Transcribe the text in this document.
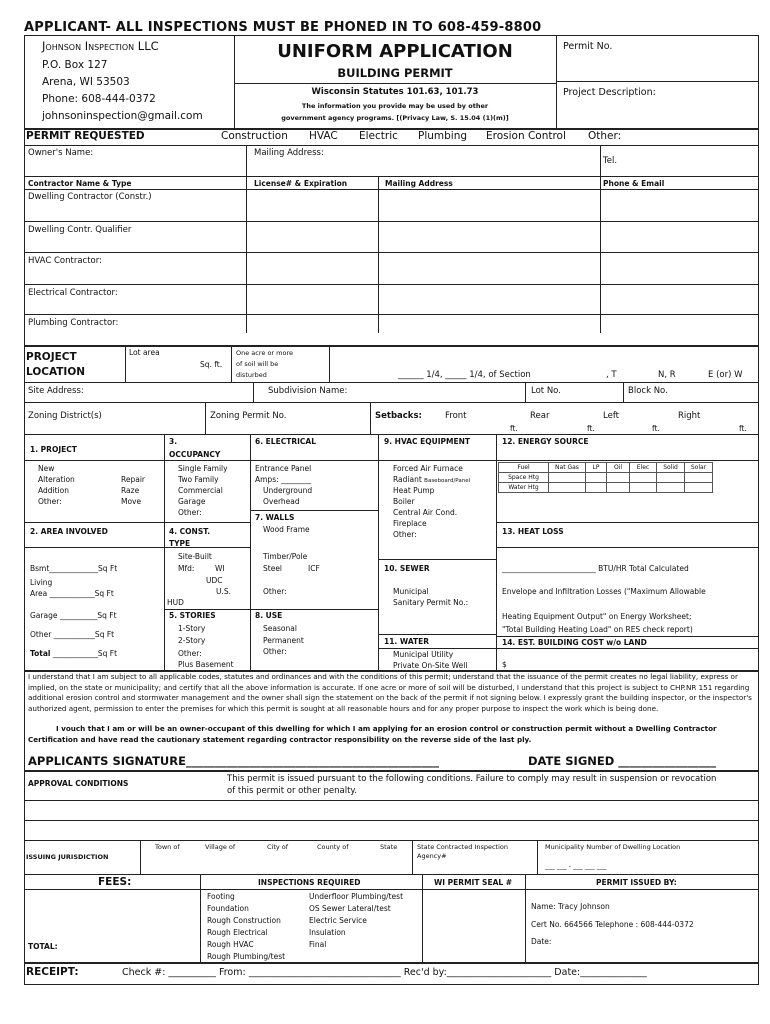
APPLICANT- ALL INSPECTIONS MUST BE PHONED IN TO 608-459-8800
Johnson Inspection LLC
P.O. Box 127
Arena, WI 53503
Phone: 608-444-0372
johnsoninspection@gmail.com
UNIFORM APPLICATION
BUILDING PERMIT
Wisconsin Statutes 101.63, 101.73
The information you provide may be used by other
government agency programs. [(Privacy Law, S. 15.04 (1)(m)]
Permit No.
Project Description:
PERMIT REQUESTED	Construction HVAC Electric Plumbing Erosion Control Other:
Owner's Name:	Mailing Address:
Tel.
Contractor Name & Type	License# & Expiration	Mailing Address	Phone & Email
Dwelling Contractor (Constr.)
Dwelling Contr. Qualifier
HVAC Contractor:
Electrical Contractor:
Plumbing Contractor:
PROJECT
LOCATION
Lot area
Sq. ft.
One acre or more
of soil will be
disturbed	______ 1/4, _____ 1/4, of Section	, T	N, R	E (or) W
Site Address:	Subdivision Name:	Lot No.	Block No.
Zoning District(s)	Zoning Permit No.	Setbacks:	Front
ft.
Rear
ft.
Left
ft.
Right
ft.
1. PROJECT
New
Alteration
Addition
Other:
Repair
Raze
Move
3.
OCCUPANCY
Single Family
Two Family
Commercial
Garage
Other:
6. ELECTRICAL
Entrance Panel
Amps: ________
Underground
Overhead
9. HVAC EQUIPMENT
Forced Air Furnace
Radiant Baseboard/Panel
Heat Pump
Boiler
Central Air Cond.
Fireplace
Other:
12. ENERGY SOURCE
Fuel	Nat Gas	LP	Oil	Elec	Solid	Solar
Space Htg						
Water Htg						
7. WALLS
Wood Frame
Timber/Pole
Steel	ICF
Other:
2. AREA INVOLVED
Bsmt_____________Sq Ft
Living
Area ____________Sq Ft
Garage __________Sq Ft
Other ___________Sq Ft
Total ____________Sq Ft
4. CONST.
TYPE
Site-Built
Mfd:	WI
UDC
U.S.
HUD
13. HEAT LOSS
_________________________ BTU/HR Total Calculated
Envelope and Infiltration Losses ("Maximum Allowable
Heating Equipment Output" on Energy Worksheet;
"Total Building Heating Load" on RES check report)
10. SEWER
Municipal
Sanitary Permit No.:
5. STORIES
1-Story
2-Story
Other:
Plus Basement
8. USE
Seasonal
Permanent
Other:
11. WATER
Municipal Utility
Private On-Site Well
14. EST. BUILDING COST w/o LAND
$
I understand that I am subject to all applicable codes, statutes and ordinances and with the conditions of this permit; understand that the issuance of the permit creates no legal liability, express or implied, on the state or municipality; and certify that all the above information is accurate. If one acre or more of soil will be disturbed, I understand that this project is subject to CHP.NR 151 regarding additional erosion control and stormwater management and the owner shall sign the statement on the back of the permit if not signing below. I expressly grant the building inspector, or the inspector's authorized agent, permission to enter the premises for which this permit is sought at all reasonable hours and for any proper purpose to inspect the work which is being done.
I vouch that I am or will be an owner-occupant of this dwelling for which I am applying for an erosion control or construction permit without a Dwelling Contractor Certification and have read the cautionary statement regarding contractor responsibility on the reverse side of the last ply.
APPLICANTS SIGNATURE____________________________________________	DATE SIGNED _________________
APPROVAL CONDITIONS	This permit is issued pursuant to the following conditions. Failure to comply may result in suspension or revocation
of this permit or other penalty.
ISSUING JURISDICTION
Town of	Village of	City of	County of	State	State Contracted Inspection
Agency#
Municipality Number of Dwelling Location
___ ___ - ___ ___ ___
FEES:
TOTAL:
INSPECTIONS REQUIRED
Footing
Foundation
Rough Construction
Rough Electrical
Rough HVAC
Rough Plumbing/test
Underfloor Plumbing/test
OS Sewer Lateral/test
Electric Service
Insulation
Final
WI PERMIT SEAL #	PERMIT ISSUED BY:
Name: Tracy Johnson
Cert No. 664566 Telephone : 608-444-0372
Date:
RECEIPT:	Check #: __________ From: ________________________________ Rec'd by:______________________ Date:______________
